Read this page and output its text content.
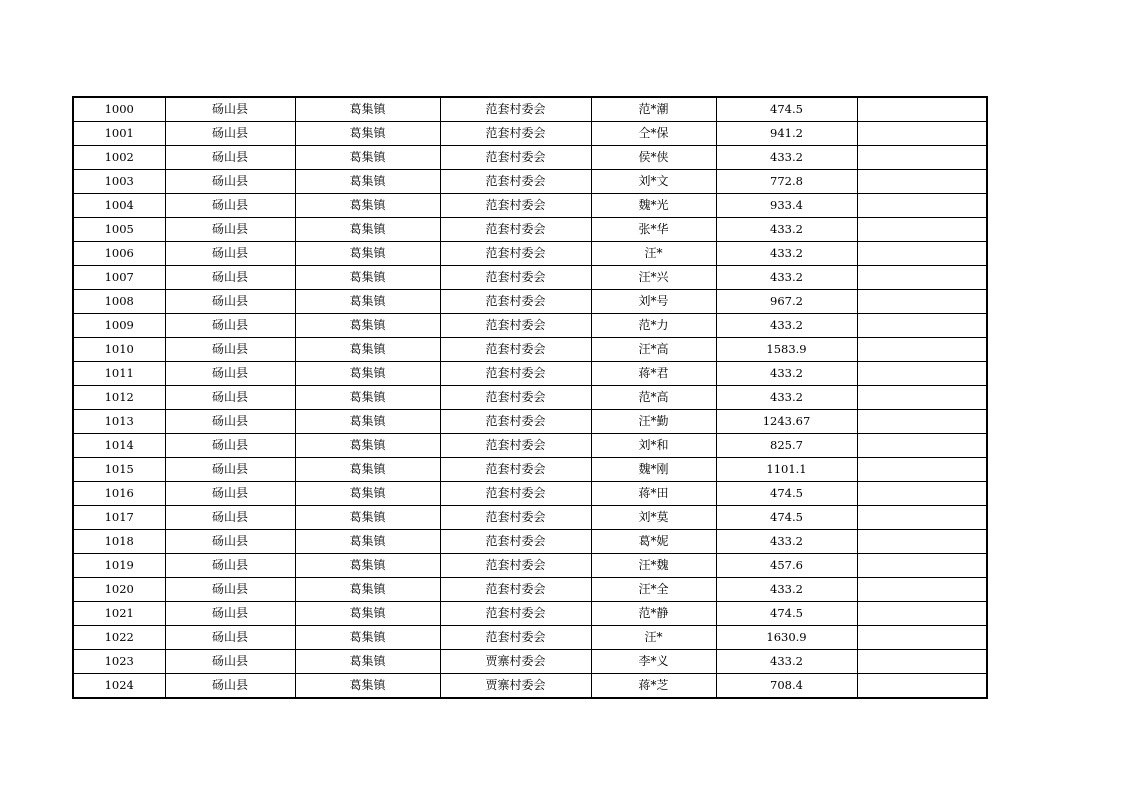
1000	砀山县	葛集镇	范套村委会	范*潮	474.5	
1001	砀山县	葛集镇	范套村委会	仝*保	941.2	
1002	砀山县	葛集镇	范套村委会	侯*侠	433.2	
1003	砀山县	葛集镇	范套村委会	刘*文	772.8	
1004	砀山县	葛集镇	范套村委会	魏*光	933.4	
1005	砀山县	葛集镇	范套村委会	张*华	433.2	
1006	砀山县	葛集镇	范套村委会	汪*	433.2	
1007	砀山县	葛集镇	范套村委会	汪*兴	433.2	
1008	砀山县	葛集镇	范套村委会	刘*号	967.2	
1009	砀山县	葛集镇	范套村委会	范*力	433.2	
1010	砀山县	葛集镇	范套村委会	汪*高	1583.9	
1011	砀山县	葛集镇	范套村委会	蒋*君	433.2	
1012	砀山县	葛集镇	范套村委会	范*高	433.2	
1013	砀山县	葛集镇	范套村委会	汪*勤	1243.67	
1014	砀山县	葛集镇	范套村委会	刘*和	825.7	
1015	砀山县	葛集镇	范套村委会	魏*刚	1101.1	
1016	砀山县	葛集镇	范套村委会	蒋*田	474.5	
1017	砀山县	葛集镇	范套村委会	刘*莫	474.5	
1018	砀山县	葛集镇	范套村委会	葛*妮	433.2	
1019	砀山县	葛集镇	范套村委会	汪*魏	457.6	
1020	砀山县	葛集镇	范套村委会	汪*全	433.2	
1021	砀山县	葛集镇	范套村委会	范*静	474.5	
1022	砀山县	葛集镇	范套村委会	汪*	1630.9	
1023	砀山县	葛集镇	贾寨村委会	李*义	433.2	
1024	砀山县	葛集镇	贾寨村委会	蒋*芝	708.4	
